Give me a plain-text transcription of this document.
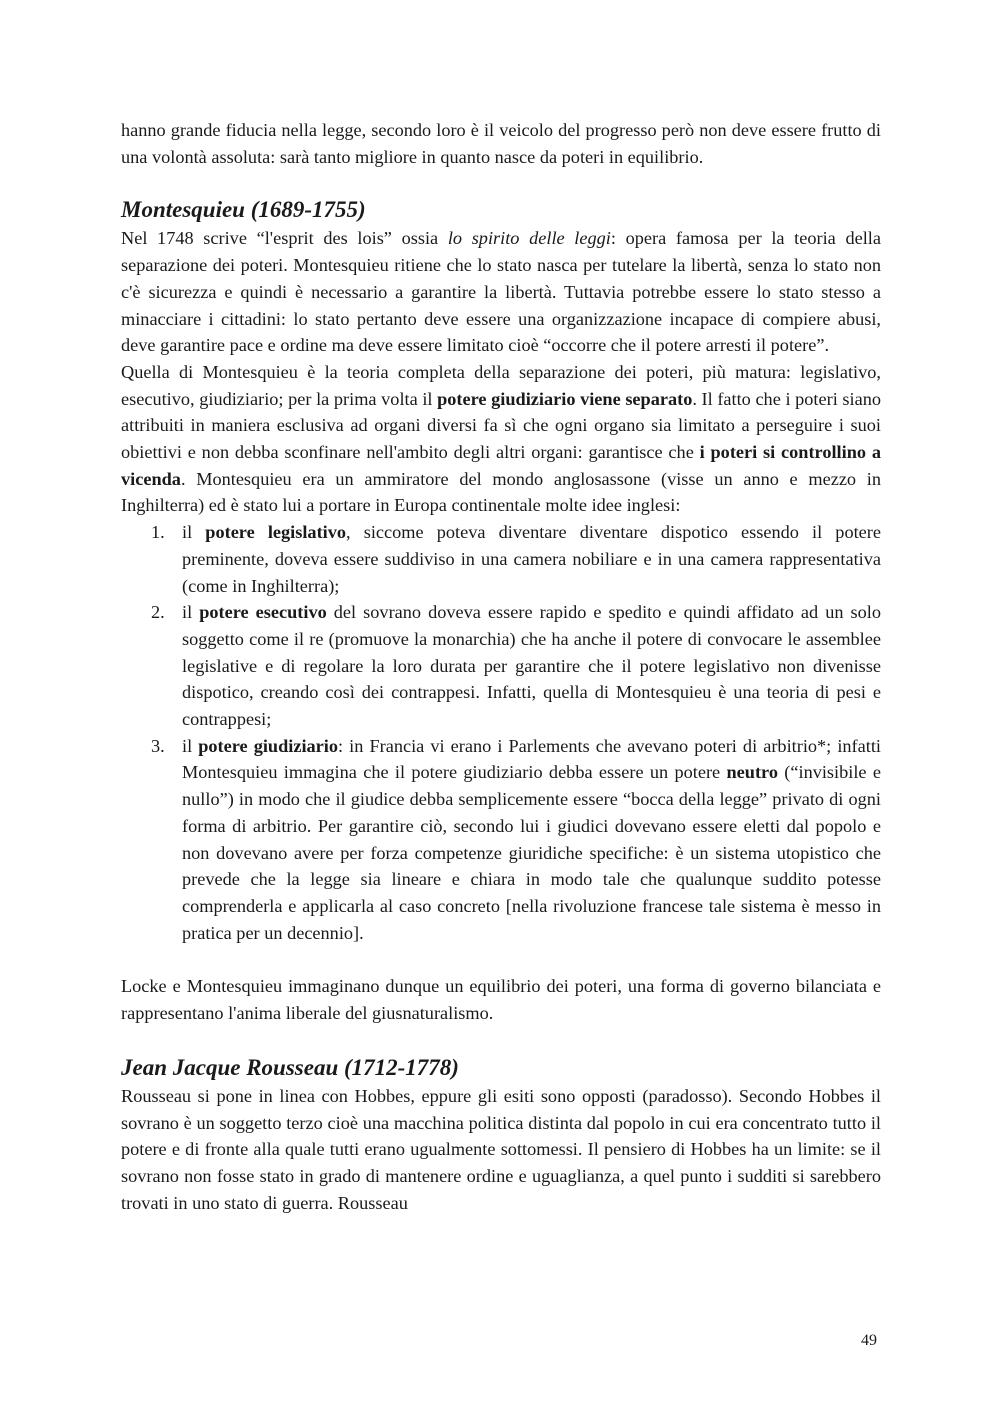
hanno grande fiducia nella legge, secondo loro è il veicolo del progresso però non deve essere frutto di una volontà assoluta: sarà tanto migliore in quanto nasce da poteri in equilibrio.

Montesquieu (1689-1755)

Nel 1748 scrive “l'esprit des lois” ossia lo spirito delle leggi: opera famosa per la teoria della separazione dei poteri. Montesquieu ritiene che lo stato nasca per tutelare la libertà, senza lo stato non c'è sicurezza e quindi è necessario a garantire la libertà. Tuttavia potrebbe essere lo stato stesso a minacciare i cittadini: lo stato pertanto deve essere una organizzazione incapace di compiere abusi, deve garantire pace e ordine ma deve essere limitato cioè “occorre che il potere arresti il potere”.

Quella di Montesquieu è la teoria completa della separazione dei poteri, più matura: legislativo, esecutivo, giudiziario; per la prima volta il potere giudiziario viene separato. Il fatto che i poteri siano attribuiti in maniera esclusiva ad organi diversi fa sì che ogni organo sia limitato a perseguire i suoi obiettivi e non debba sconfinare nell'ambito degli altri organi: garantisce che i poteri si controllino a vicenda. Montesquieu era un ammiratore del mondo anglosassone (visse un anno e mezzo in Inghilterra) ed è stato lui a portare in Europa continentale molte idee inglesi:

1. il potere legislativo, siccome poteva diventare diventare dispotico essendo il potere preminente, doveva essere suddiviso in una camera nobiliare e in una camera rappresentativa (come in Inghilterra);
2. il potere esecutivo del sovrano doveva essere rapido e spedito e quindi affidato ad un solo soggetto come il re (promuove la monarchia) che ha anche il potere di convocare le assemblee legislative e di regolare la loro durata per garantire che il potere legislativo non divenisse dispotico, creando così dei contrappesi. Infatti, quella di Montesquieu è una teoria di pesi e contrappesi;
3. il potere giudiziario: in Francia vi erano i Parlements che avevano poteri di arbitrio*; infatti Montesquieu immagina che il potere giudiziario debba essere un potere neutro (“invisibile e nullo”) in modo che il giudice debba semplicemente essere “bocca della legge” privato di ogni forma di arbitrio. Per garantire ciò, secondo lui i giudici dovevano essere eletti dal popolo e non dovevano avere per forza competenze giuridiche specifiche: è un sistema utopistico che prevede che la legge sia lineare e chiara in modo tale che qualunque suddito potesse comprenderla e applicarla al caso concreto [nella rivoluzione francese tale sistema è messo in pratica per un decennio].

Locke e Montesquieu immaginano dunque un equilibrio dei poteri, una forma di governo bilanciata e rappresentano l'anima liberale del giusnaturalismo.

Jean Jacque Rousseau (1712-1778)

Rousseau si pone in linea con Hobbes, eppure gli esiti sono opposti (paradosso). Secondo Hobbes il sovrano è un soggetto terzo cioè una macchina politica distinta dal popolo in cui era concentrato tutto il potere e di fronte alla quale tutti erano ugualmente sottomessi. Il pensiero di Hobbes ha un limite: se il sovrano non fosse stato in grado di mantenere ordine e uguaglianza, a quel punto i sudditi si sarebbero trovati in uno stato di guerra. Rousseau

49
